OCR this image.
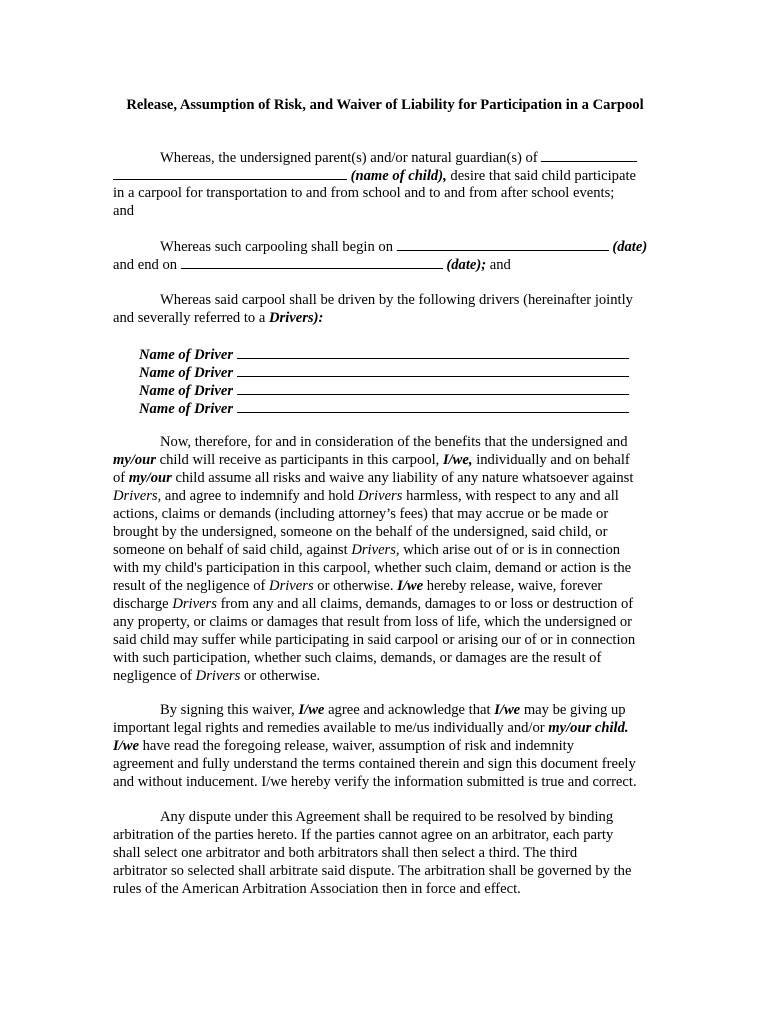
Release, Assumption of Risk, and Waiver of Liability for Participation in a Carpool
Whereas, the undersigned parent(s) and/or natural guardian(s) of
(name of child), desire that said child participate
in a carpool for transportation to and from school and to and from after school events;
and
Whereas such carpooling shall begin on	(date)
and end on	(date); and
Whereas said carpool shall be driven by the following drivers (hereinafter jointly
and severally referred to a Drivers):
Name of Driver
Name of Driver
Name of Driver
Name of Driver
Now, therefore, for and in consideration of the benefits that the undersigned and
my/our child will receive as participants in this carpool, I/we, individually and on behalf
of my/our child assume all risks and waive any liability of any nature whatsoever against
Drivers, and agree to indemnify and hold Drivers harmless, with respect to any and all
actions, claims or demands (including attorney’s fees) that may accrue or be made or
brought by the undersigned, someone on the behalf of the undersigned, said child, or
someone on behalf of said child, against Drivers, which arise out of or is in connection
with my child's participation in this carpool, whether such claim, demand or action is the
result of the negligence of Drivers or otherwise. I/we hereby release, waive, forever
discharge Drivers from any and all claims, demands, damages to or loss or destruction of
any property, or claims or damages that result from loss of life, which the undersigned or
said child may suffer while participating in said carpool or arising our of or in connection
with such participation, whether such claims, demands, or damages are the result of
negligence of Drivers or otherwise.
By signing this waiver, I/we agree and acknowledge that I/we may be giving up
important legal rights and remedies available to me/us individually and/or my/our child.
I/we have read the foregoing release, waiver, assumption of risk and indemnity
agreement and fully understand the terms contained therein and sign this document freely
and without inducement. I/we hereby verify the information submitted is true and correct.
Any dispute under this Agreement shall be required to be resolved by binding
arbitration of the parties hereto. If the parties cannot agree on an arbitrator, each party
shall select one arbitrator and both arbitrators shall then select a third. The third
arbitrator so selected shall arbitrate said dispute. The arbitration shall be governed by the
rules of the American Arbitration Association then in force and effect.
